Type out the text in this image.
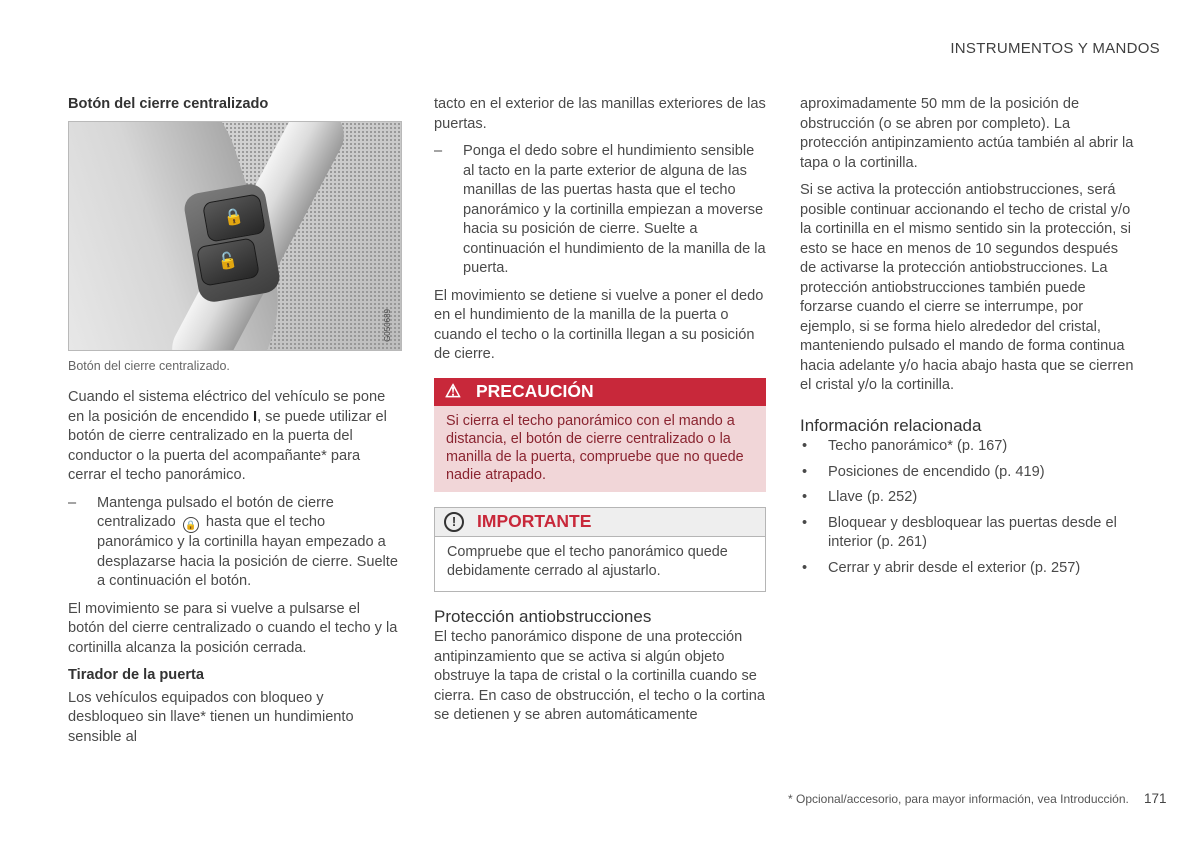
INSTRUMENTOS Y MANDOS
Botón del cierre centralizado
🔒
🔓
G050689
Botón del cierre centralizado.

Cuando el sistema eléctrico del vehículo se pone en la posición de encendido I, se puede utilizar el botón de cierre centralizado en la puerta del conductor o la puerta del acompañante* para cerrar el techo panorámico.

– Mantenga pulsado el botón de cierre centralizado 🔒 hasta que el techo panorámico y la cortinilla hayan empezado a desplazarse hacia la posición de cierre. Suelte a continuación el botón.

El movimiento se para si vuelve a pulsarse el botón del cierre centralizado o cuando el techo y la cortinilla alcanza la posición cerrada.

Tirador de la puerta

Los vehículos equipados con bloqueo y desbloqueo sin llave* tienen un hundimiento sensible al

tacto en el exterior de las manillas exteriores de las puertas.

– Ponga el dedo sobre el hundimiento sensible al tacto en la parte exterior de alguna de las manillas de las puertas hasta que el techo panorámico y la cortinilla empiezan a moverse hacia su posición de cierre. Suelte a continuación el hundimiento de la manilla de la puerta.

El movimiento se detiene si vuelve a poner el dedo en el hundimiento de la manilla de la puerta o cuando el techo o la cortinilla llegan a su posición de cierre.

⚠ PRECAUCIÓN
Si cierra el techo panorámico con el mando a distancia, el botón de cierre centralizado o la manilla de la puerta, compruebe que no quede nadie atrapado.
!	IMPORTANTE
Compruebe que el techo panorámico quede debidamente cerrado al ajustarlo.
Protección antiobstrucciones

El techo panorámico dispone de una protección antipinzamiento que se activa si algún objeto obstruye la tapa de cristal o la cortinilla cuando se cierra. En caso de obstrucción, el techo o la cortina se detienen y se abren automáticamente

aproximadamente 50 mm de la posición de obstrucción (o se abren por completo). La protección antipinzamiento actúa también al abrir la tapa o la cortinilla.

Si se activa la protección antiobstrucciones, será posible continuar accionando el techo de cristal y/o la cortinilla en el mismo sentido sin la protección, si esto se hace en menos de 10 segundos después de activarse la protección antiobstrucciones. La protección antiobstrucciones también puede forzarse cuando el cierre se interrumpe, por ejemplo, si se forma hielo alrededor del cristal, manteniendo pulsado el mando de forma continua hacia adelante y/o hacia abajo hasta que se cierren el cristal y/o la cortinilla.

Información relacionada
• Techo panorámico* (p. 167)
• Posiciones de encendido (p. 419)
• Llave (p. 252)
• Bloquear y desbloquear las puertas desde el interior (p. 261)
• Cerrar y abrir desde el exterior (p. 257)
* Opcional/accesorio, para mayor información, vea Introducción. 171
